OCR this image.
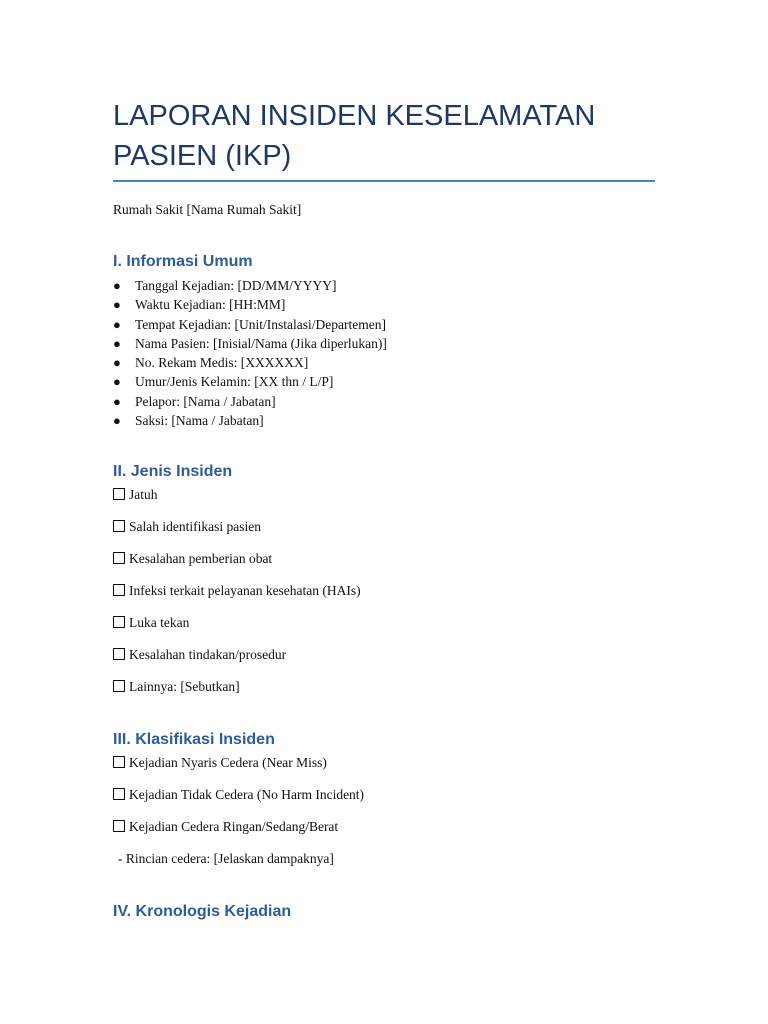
LAPORAN INSIDEN KESELAMATAN PASIEN (IKP)
Rumah Sakit [Nama Rumah Sakit]
I. Informasi Umum
● Tanggal Kejadian: [DD/MM/YYYY]
● Waktu Kejadian: [HH:MM]
● Tempat Kejadian: [Unit/Instalasi/Departemen]
● Nama Pasien: [Inisial/Nama (Jika diperlukan)]
● No. Rekam Medis: [XXXXXX]
● Umur/Jenis Kelamin: [XX thn / L/P]
● Pelapor: [Nama / Jabatan]
● Saksi: [Nama / Jabatan]
II. Jenis Insiden
Jatuh
Salah identifikasi pasien
Kesalahan pemberian obat
Infeksi terkait pelayanan kesehatan (HAIs)
Luka tekan
Kesalahan tindakan/prosedur
Lainnya: [Sebutkan]
III. Klasifikasi Insiden
Kejadian Nyaris Cedera (Near Miss)
Kejadian Tidak Cedera (No Harm Incident)
Kejadian Cedera Ringan/Sedang/Berat
- Rincian cedera: [Jelaskan dampaknya]
IV. Kronologis Kejadian
